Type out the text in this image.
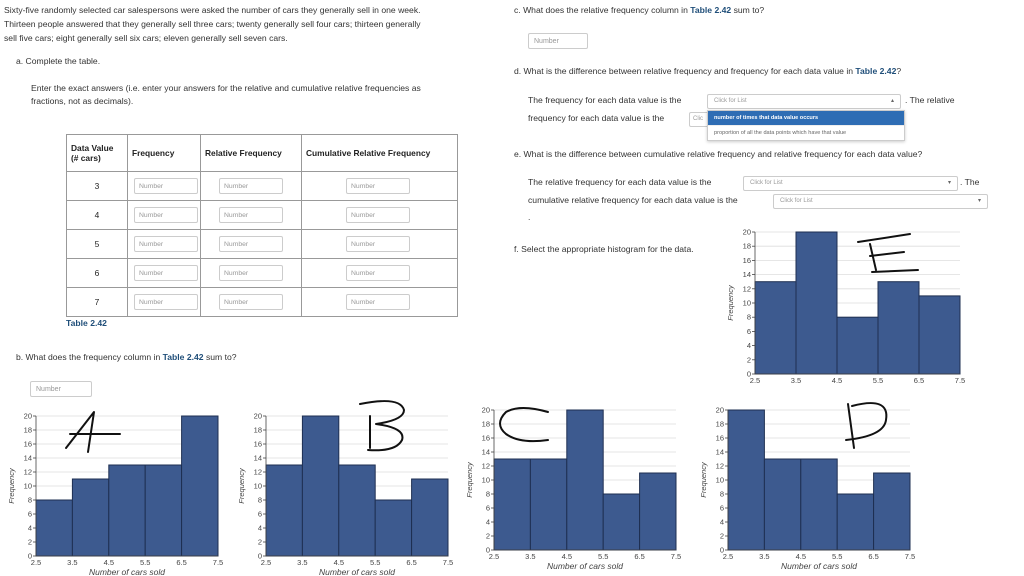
Sixty-five randomly selected car salespersons were asked the number of cars they generally sell in one week.
Thirteen people answered that they generally sell three cars; twenty generally sell four cars; thirteen generally
sell five cars; eight generally sell six cars; eleven generally sell seven cars.
a. Complete the table.
Enter the exact answers (i.e. enter your answers for the relative and cumulative relative frequencies as
fractions, not as decimals).
Data Value (# cars)	Frequency	Relative Frequency	Cumulative Relative Frequency
3	Number	Number	Number
4	Number	Number	Number
5	Number	Number	Number
6	Number	Number	Number
7	Number	Number	Number
Table 2.42
b. What does the frequency column in Table 2.42 sum to?
Number
c. What does the relative frequency column in Table 2.42 sum to?
Number
d. What is the difference between relative frequency and frequency for each data value in Table 2.42?
The frequency for each data value is the	Click for List	▴ . The relative
frequency for each data value is the	Clic	number of times that data value occurs
proportion of all the data points which have that value
e. What is the difference between cumulative relative frequency and relative frequency for each data value?
The relative frequency for each data value is the	Click for List	▾ . The
cumulative relative frequency for each data value is the	Click for List	▾
.
f. Select the appropriate histogram for the data.
0
2
4
6
8
10
12
14
16
18
20
2.5	3.5	4.5	5.5	6.5	7.5
Frequency
0
2
4
6
8
10
12
14
16
18
20
2.5	3.5	4.5	5.5	6.5	7.5
Frequency
Number of cars sold
0
2
4
6
8
10
12
14
16
18
20
2.5	3.5	4.5	5.5	6.5	7.5
Frequency
Number of cars sold
0
2
4
6
8
10
12
14
16
18
20
2.5	3.5	4.5	5.5	6.5	7.5
Frequency
Number of cars sold
0
2
4
6
8
10
12
14
16
18
20
2.5	3.5	4.5	5.5	6.5	7.5
Frequency
Number of cars sold
